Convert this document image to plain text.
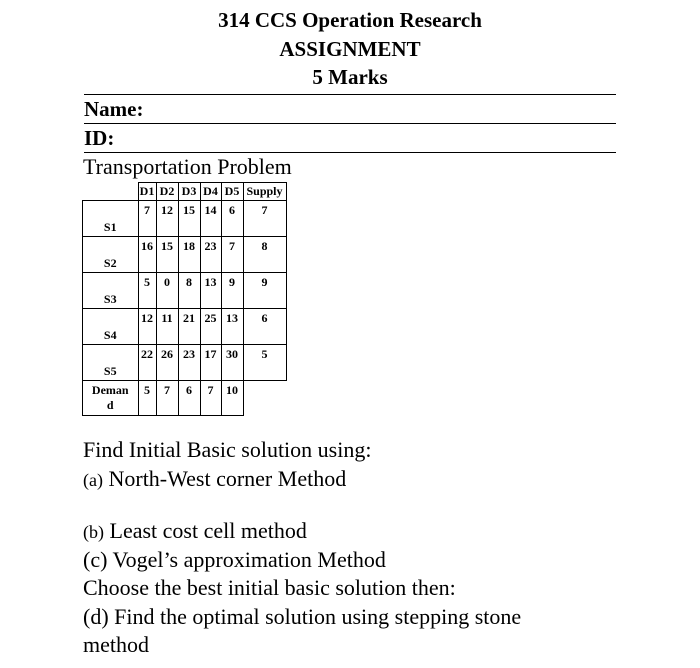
314 CCS Operation Research
ASSIGNMENT
5 Marks
Name:
ID:
Transportation Problem
	D1	D2	D3	D4	D5	Supply
S1	7	12	15	14	6	7
S2	16	15	18	23	7	8
S3	5	0	8	13	9	9
S4	12	11	21	25	13	6
S5	22	26	23	17	30	5
Deman
d	5	7	6	7	10	
Find Initial Basic solution using:
(a) North-West corner Method
(b) Least cost cell method
(c) Vogel’s approximation Method
Choose the best initial basic solution then:
(d) Find the optimal solution using stepping stone
method
